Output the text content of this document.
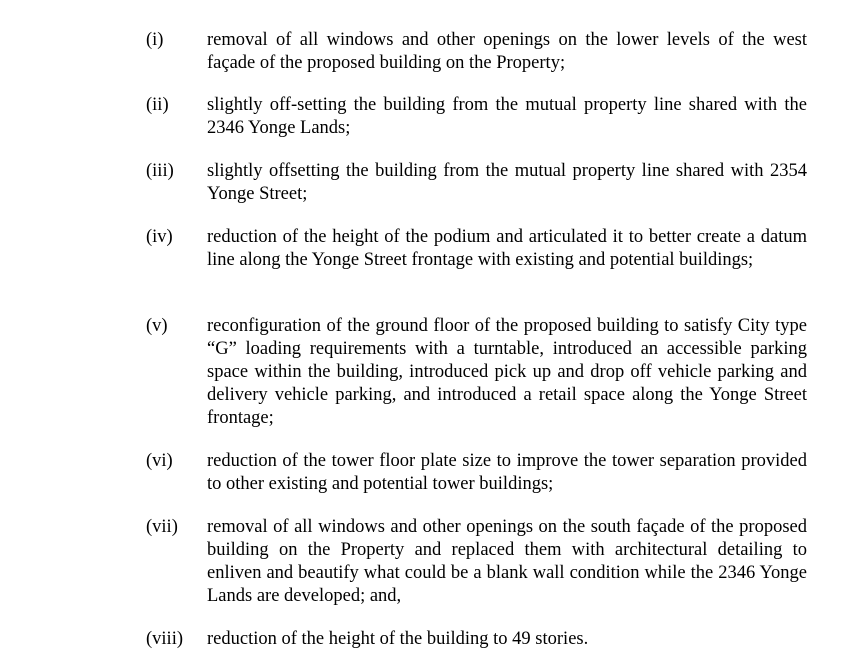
(i) removal of all windows and other openings on the lower levels of the west façade of the proposed building on the Property;
(ii) slightly off-setting the building from the mutual property line shared with the 2346 Yonge Lands;
(iii) slightly offsetting the building from the mutual property line shared with 2354 Yonge Street;
(iv) reduction of the height of the podium and articulated it to better create a datum line along the Yonge Street frontage with existing and potential buildings;
(v) reconfiguration of the ground floor of the proposed building to satisfy City type “G” loading requirements with a turntable, introduced an accessible parking space within the building, introduced pick up and drop off vehicle parking and delivery vehicle parking, and introduced a retail space along the Yonge Street frontage;
(vi) reduction of the tower floor plate size to improve the tower separation provided to other existing and potential tower buildings;
(vii) removal of all windows and other openings on the south façade of the proposed building on the Property and replaced them with architectural detailing to enliven and beautify what could be a blank wall condition while the 2346 Yonge Lands are developed; and,
(viii) reduction of the height of the building to 49 stories.
